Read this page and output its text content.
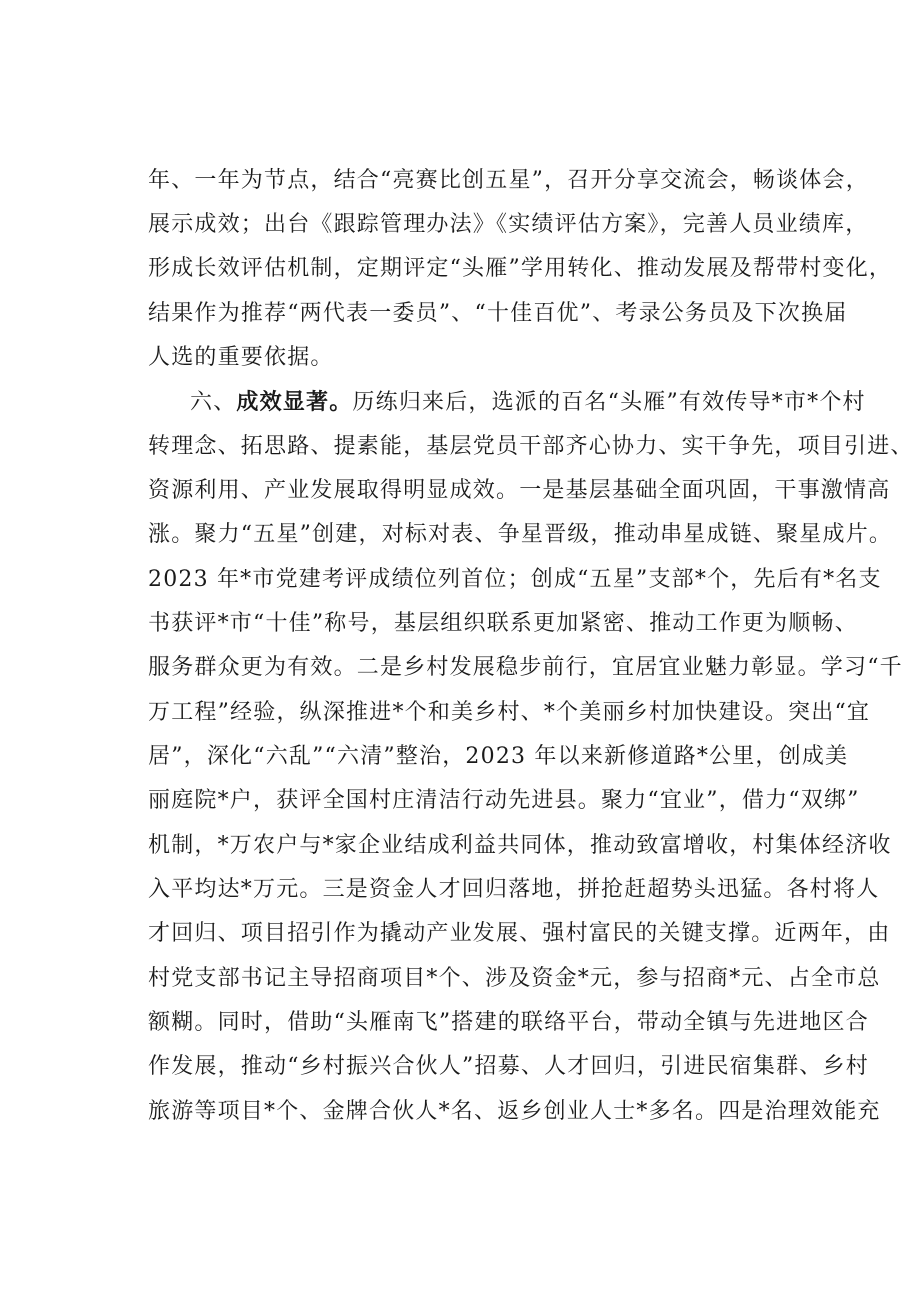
年、一年为节点，结合“亮赛比创五星”，召开分享交流会，畅谈体会，
展示成效；出台《跟踪管理办法》《实绩评估方案》，完善人员业绩库，
形成长效评估机制，定期评定“头雁”学用转化、推动发展及帮带村变化，
结果作为推荐“两代表一委员”、“十佳百优”、考录公务员及下次换届
人选的重要依据。
六、成效显著。历练归来后，选派的百名“头雁”有效传导*市*个村
转理念、拓思路、提素能，基层党员干部齐心协力、实干争先，项目引进、
资源利用、产业发展取得明显成效。一是基层基础全面巩固，干事激情高
涨。聚力“五星”创建，对标对表、争星晋级，推动串星成链、聚星成片。
2023 年*市党建考评成绩位列首位；创成“五星”支部*个，先后有*名支
书获评*市“十佳”称号，基层组织联系更加紧密、推动工作更为顺畅、
服务群众更为有效。二是乡村发展稳步前行，宜居宜业魅力彰显。学习“千
万工程”经验，纵深推进*个和美乡村、*个美丽乡村加快建设。突出“宜
居”，深化“六乱”“六清”整治，2023 年以来新修道路*公里，创成美
丽庭院*户，获评全国村庄清洁行动先进县。聚力“宜业”，借力“双绑”
机制，*万农户与*家企业结成利益共同体，推动致富增收，村集体经济收
入平均达*万元。三是资金人才回归落地，拼抢赶超势头迅猛。各村将人
才回归、项目招引作为撬动产业发展、强村富民的关键支撑。近两年，由
村党支部书记主导招商项目*个、涉及资金*元，参与招商*元、占全市总
额糊。同时，借助“头雁南飞”搭建的联络平台，带动全镇与先进地区合
作发展，推动“乡村振兴合伙人”招募、人才回归，引进民宿集群、乡村
旅游等项目*个、金牌合伙人*名、返乡创业人士*多名。四是治理效能充
